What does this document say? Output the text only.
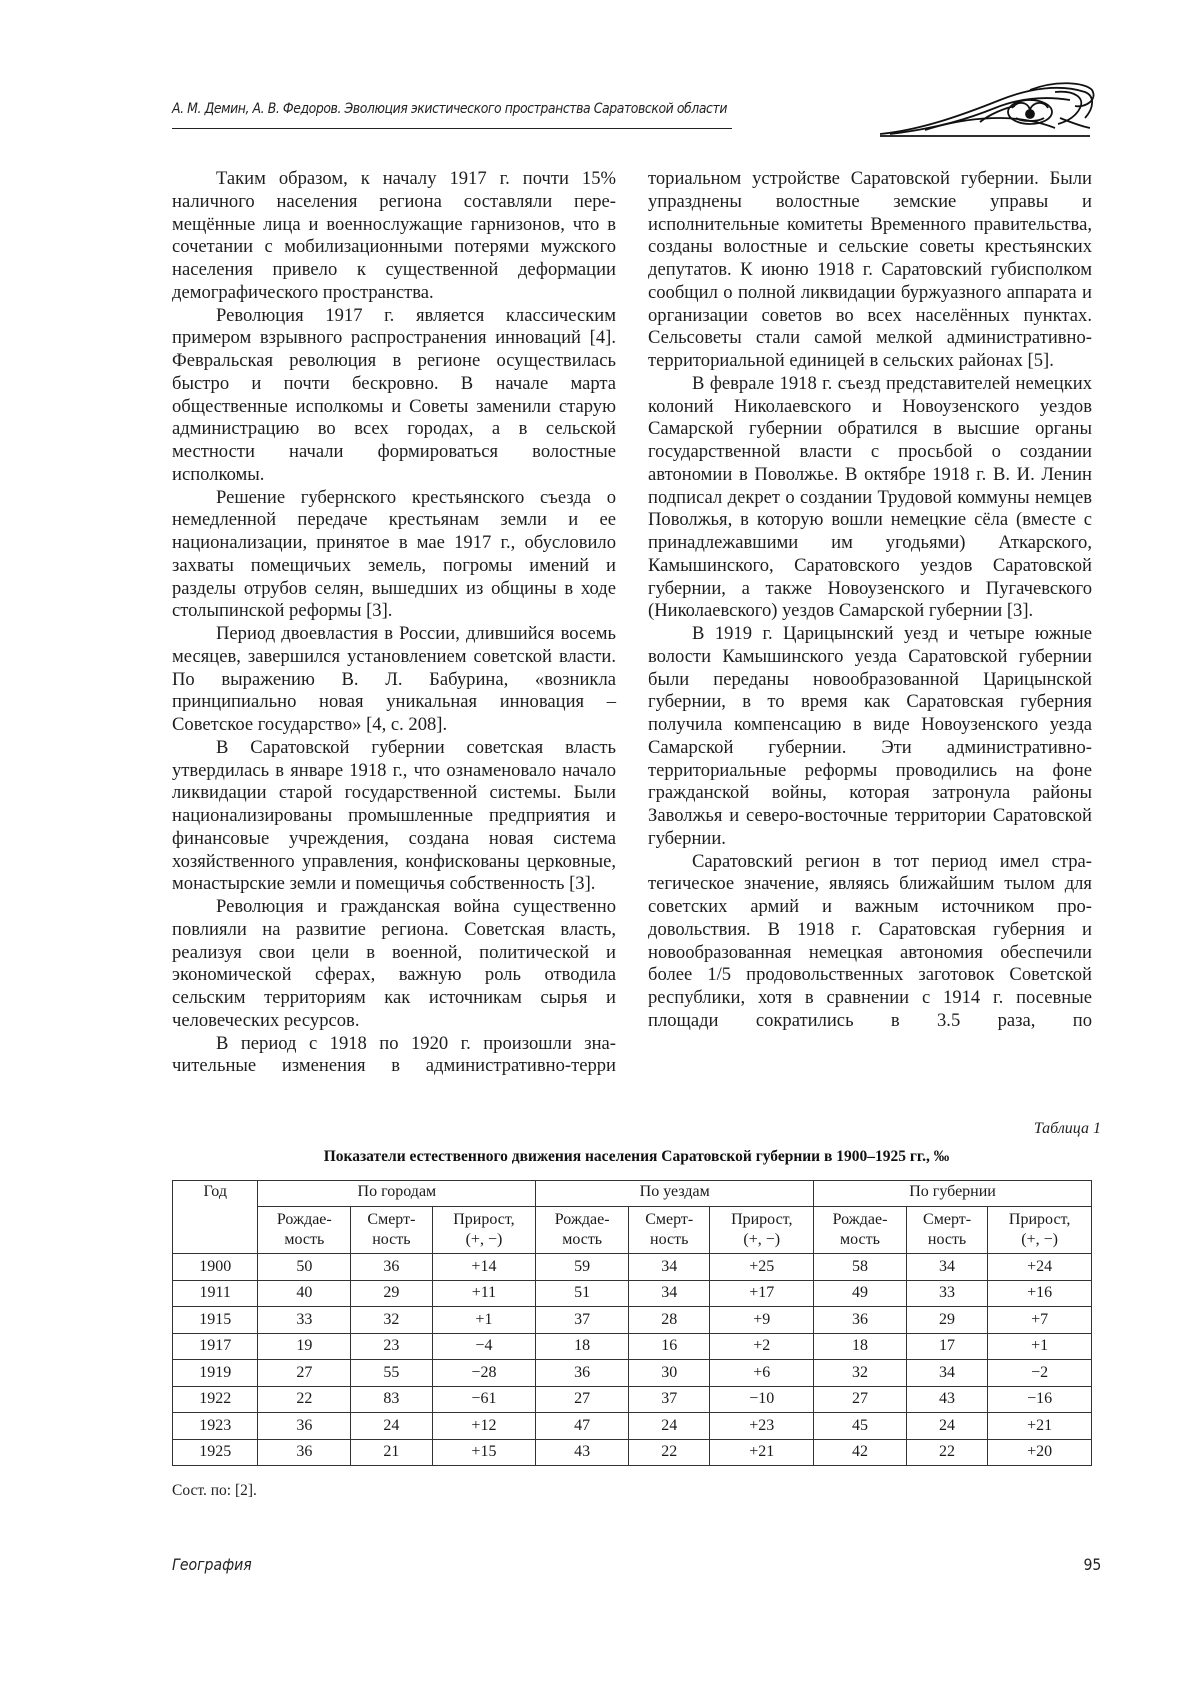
А. М. Демин, А. В. Федоров. Эволюция экистического пространства Саратовской области

Таким образом, к началу 1917 г. почти 15% наличного населения региона составляли перемещённые лица и военнослужащие гарнизонов, что в сочетании с мобилизационными потерями мужского населения привело к существенной деформации демографического пространства.

Революция 1917 г. является классическим примером взрывного распространения инноваций [4]. Февральская революция в регионе осуществилась быстро и почти бескровно. В начале марта общественные исполкомы и Советы заменили старую администрацию во всех городах, а в сельской местности начали формироваться волостные исполкомы.

Решение губернского крестьянского съезда о немедленной передаче крестьянам земли и ее национализации, принятое в мае 1917 г., обусловило захваты помещичьих земель, погромы имений и разделы отрубов селян, вышедших из общины в ходе столыпинской реформы [3].

Период двоевластия в России, длившийся восемь месяцев, завершился установлением советской власти. По выражению В. Л. Бабурина, «возникла принципиально новая уникальная инновация – Советское государство» [4, с. 208].

В Саратовской губернии советская власть утвердилась в январе 1918 г., что ознаменовало начало ликвидации старой государственной системы. Были национализированы промышленные предприятия и финансовые учреждения, создана новая система хозяйственного управления, конфискованы церковные, монастырские земли и помещичья собственность [3].

Революция и гражданская война существенно повлияли на развитие региона. Советская власть, реализуя свои цели в военной, политической и экономической сферах, важную роль отводила сельским территориям как источникам сырья и человеческих ресурсов.

В период с 1918 по 1920 г. произошли значительные изменения в административно-терри

ториальном устройстве Саратовской губернии. Были упразднены волостные земские управы и исполнительные комитеты Временного правительства, созданы волостные и сельские советы крестьянских депутатов. К июню 1918 г. Саратовский губисполком сообщил о полной ликвидации буржуазного аппарата и организации советов во всех населённых пунктах. Сельсоветы стали самой мелкой административно-территориальной единицей в сельских районах [5].

В феврале 1918 г. съезд представителей немецких колоний Николаевского и Новоузенского уездов Самарской губернии обратился в высшие органы государственной власти с просьбой о создании автономии в Поволжье. В октябре 1918 г. В. И. Ленин подписал декрет о создании Трудовой коммуны немцев Поволжья, в которую вошли немецкие сёла (вместе с принадлежавшими им угодьями) Аткарского, Камышинского, Саратовского уездов Саратовской губернии, а также Новоузенского и Пугачевского (Николаевского) уездов Самарской губернии [3].

В 1919 г. Царицынский уезд и четыре южные волости Камышинского уезда Саратовской губернии были переданы новообразованной Царицынской губернии, в то время как Саратовская губерния получила компенсацию в виде Новоузенского уезда Самарской губернии. Эти административно-территориальные реформы проводились на фоне гражданской войны, которая затронула районы Заволжья и северо-восточные территории Саратовской губернии.

Саратовский регион в тот период имел стратегическое значение, являясь ближайшим тылом для советских армий и важным источником продовольствия. В 1918 г. Саратовская губерния и новообразованная немецкая автономия обеспечили более 1/5 продовольственных заготовок Советской республики, хотя в сравнении с 1914 г. посевные площади сократились в 3.5 раза, по

Таблица 1
Показатели естественного движения населения Саратовской губернии в 1900–1925 гг., ‰
Год	По городам			По уездам			По губернии		

Рождае-
мость

Смерт-
ность

Прирост,
(+, −)

Рождае-
мость

Смерт-
ность

Прирост,
(+, −)

Рождае-
мость

Смерт-
ность

Прирост,
(+, −)

1900	50	36	+14	59	34	+25	58	34	+24
1911	40	29	+11	51	34	+17	49	33	+16
1915	33	32	+1	37	28	+9	36	29	+7
1917	19	23	−4	18	16	+2	18	17	+1
1919	27	55	−28	36	30	+6	32	34	−2
1922	22	83	−61	27	37	−10	27	43	−16
1923	36	24	+12	47	24	+23	45	24	+21
1925	36	21	+15	43	22	+21	42	22	+20
Сост. по: [2].
География	95
